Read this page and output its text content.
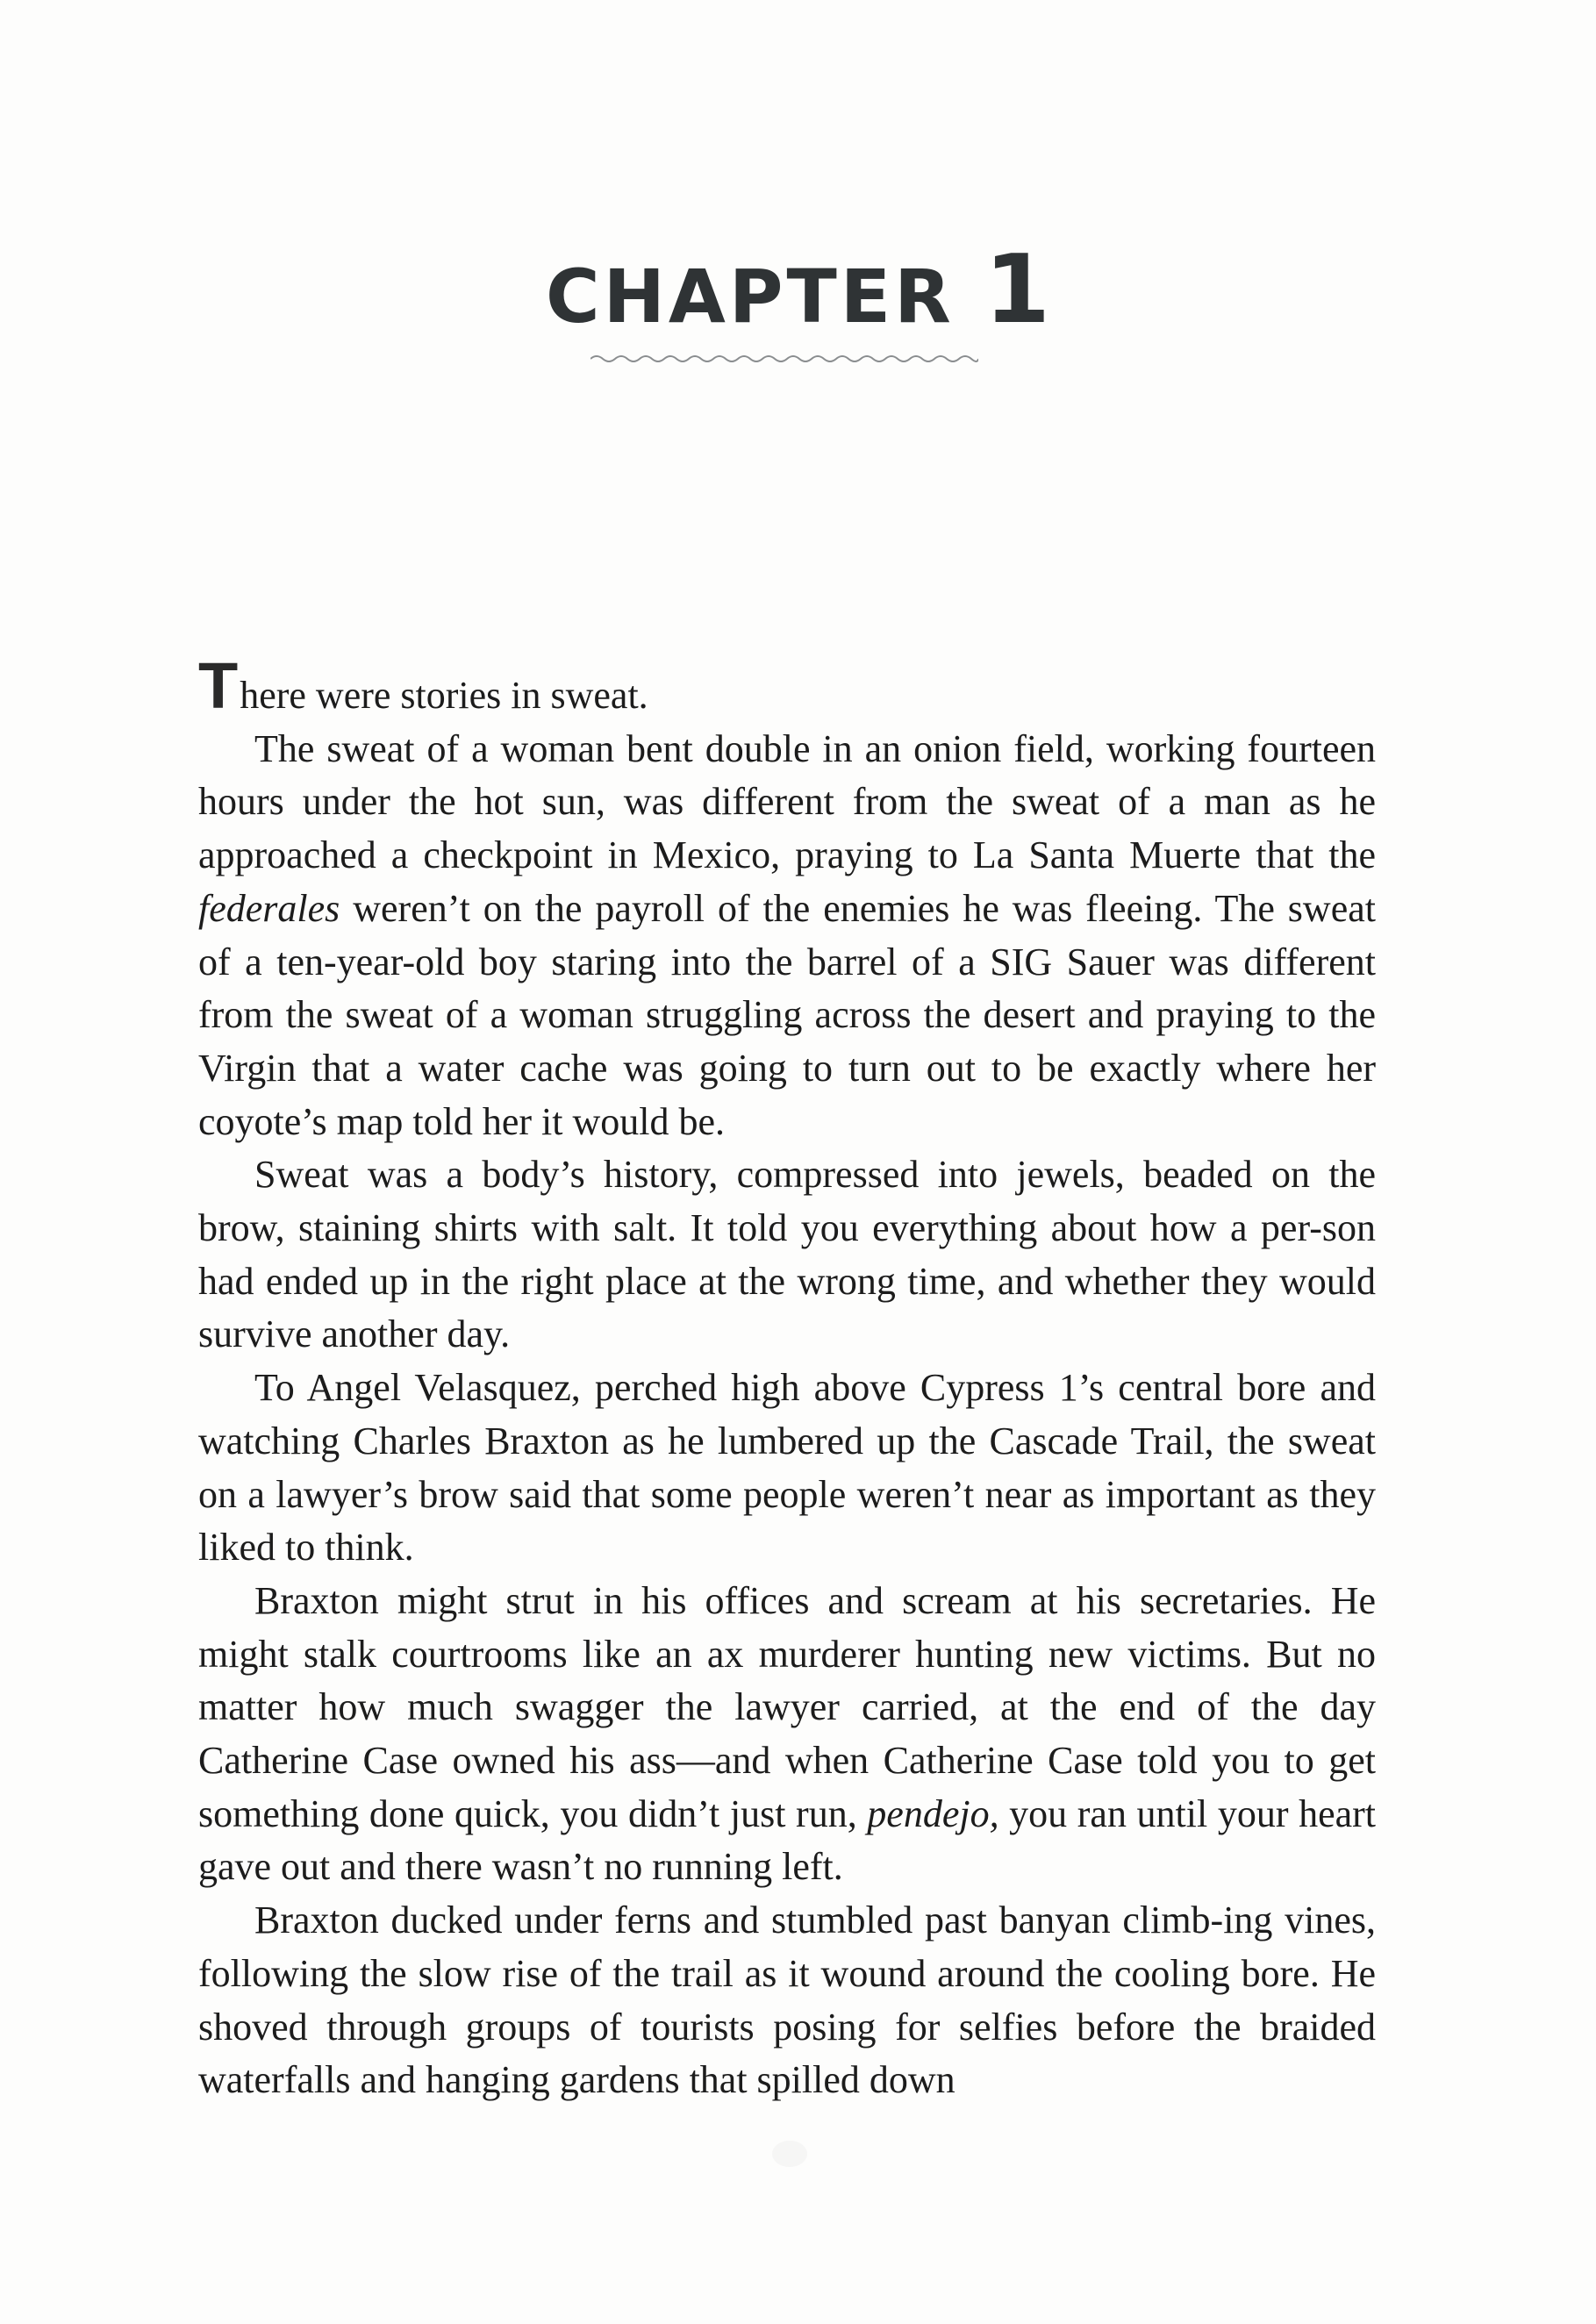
CHAPTER 1

There were stories in sweat.

The sweat of a woman bent double in an onion field, working fourteen hours under the hot sun, was different from the sweat of a man as he approached a checkpoint in Mexico, praying to La Santa Muerte that the federales weren’t on the payroll of the enemies he was fleeing. The sweat of a ten-year-old boy staring into the barrel of a SIG Sauer was different from the sweat of a woman struggling across the desert and praying to the Virgin that a water cache was going to turn out to be exactly where her coyote’s map told her it would be.

Sweat was a body’s history, compressed into jewels, beaded on the brow, staining shirts with salt. It told you everything about how a per-son had ended up in the right place at the wrong time, and whether they would survive another day.

To Angel Velasquez, perched high above Cypress 1’s central bore and watching Charles Braxton as he lumbered up the Cascade Trail, the sweat on a lawyer’s brow said that some people weren’t near as important as they liked to think.

Braxton might strut in his offices and scream at his secretaries. He might stalk courtrooms like an ax murderer hunting new victims. But no matter how much swagger the lawyer carried, at the end of the day Catherine Case owned his ass—and when Catherine Case told you to get something done quick, you didn’t just run, pendejo, you ran until your heart gave out and there wasn’t no running left.

Braxton ducked under ferns and stumbled past banyan climb-ing vines, following the slow rise of the trail as it wound around the cooling bore. He shoved through groups of tourists posing for selfies before the braided waterfalls and hanging gardens that spilled down
